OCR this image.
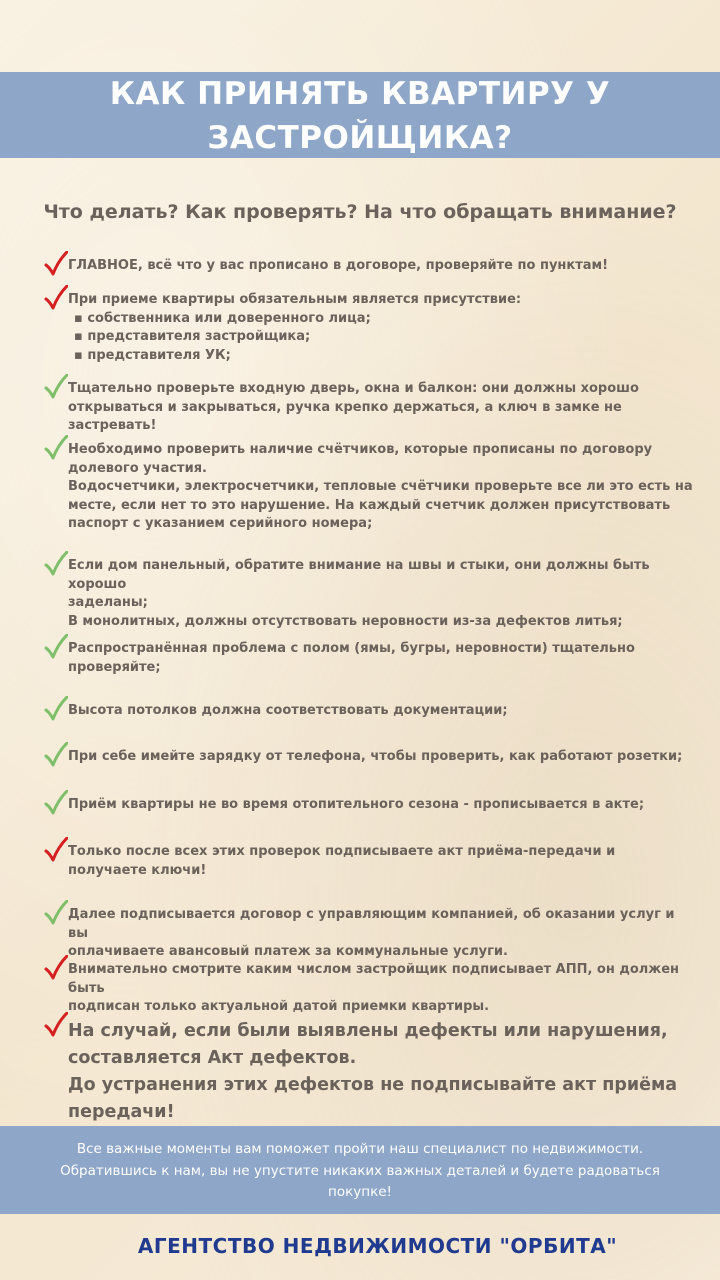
КАК ПРИНЯТЬ КВАРТИРУ У
ЗАСТРОЙЩИКА?
Что делать? Как проверять? На что обращать внимание?
ГЛАВНОЕ, всё что у вас прописано в договоре, проверяйте по пунктам!
При приеме квартиры обязательным является присутствие:
▪ собственника или доверенного лица;
▪ представителя застройщика;
▪ представителя УК;
Тщательно проверьте входную дверь, окна и балкон: они должны хорошо
открываться и закрываться, ручка крепко держаться, а ключ в замке не застревать!
Необходимо проверить наличие счётчиков, которые прописаны по договору
долевого участия.
Водосчетчики, электросчетчики, тепловые счётчики проверьте все ли это есть на
месте, если нет то это нарушение. На каждый счетчик должен присутствовать
паспорт с указанием серийного номера;
Если дом панельный, обратите внимание на швы и стыки, они должны быть хорошо
заделаны;
В монолитных, должны отсутствовать неровности из-за дефектов литья;
Распространённая проблема с полом (ямы, бугры, неровности) тщательно
проверяйте;
Высота потолков должна соответствовать документации;
При себе имейте зарядку от телефона, чтобы проверить, как работают розетки;
Приём квартиры не во время отопительного сезона - прописывается в акте;
Только после всех этих проверок подписываете акт приёма-передачи и
получаете ключи!
Далее подписывается договор с управляющим компанией, об оказании услуг и вы
оплачиваете авансовый платеж за коммунальные услуги.
Внимательно смотрите каким числом застройщик подписывает АПП, он должен быть
подписан только актуальной датой приемки квартиры.
На случай, если были выявлены дефекты или нарушения,
составляется Акт дефектов.
До устранения этих дефектов не подписывайте акт приёма
передачи!
Все важные моменты вам поможет пройти наш специалист по недвижимости.
Обратившись к нам, вы не упустите никаких важных деталей и будете радоваться
покупке!
АГЕНТСТВО НЕДВИЖИМОСТИ "ОРБИТА"
